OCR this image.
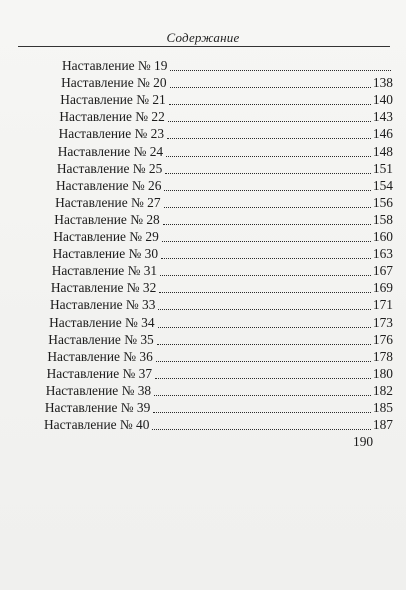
Содержание
Наставление № 19
Наставление № 20	138
Наставление № 21	140
Наставление № 22	143
Наставление № 23	146
Наставление № 24	148
Наставление № 25	151
Наставление № 26	154
Наставление № 27	156
Наставление № 28	158
Наставление № 29	160
Наставление № 30	163
Наставление № 31	167
Наставление № 32	169
Наставление № 33	171
Наставление № 34	173
Наставление № 35	176
Наставление № 36	178
Наставление № 37	180
Наставление № 38	182
Наставление № 39	185
Наставление № 40	187
190
